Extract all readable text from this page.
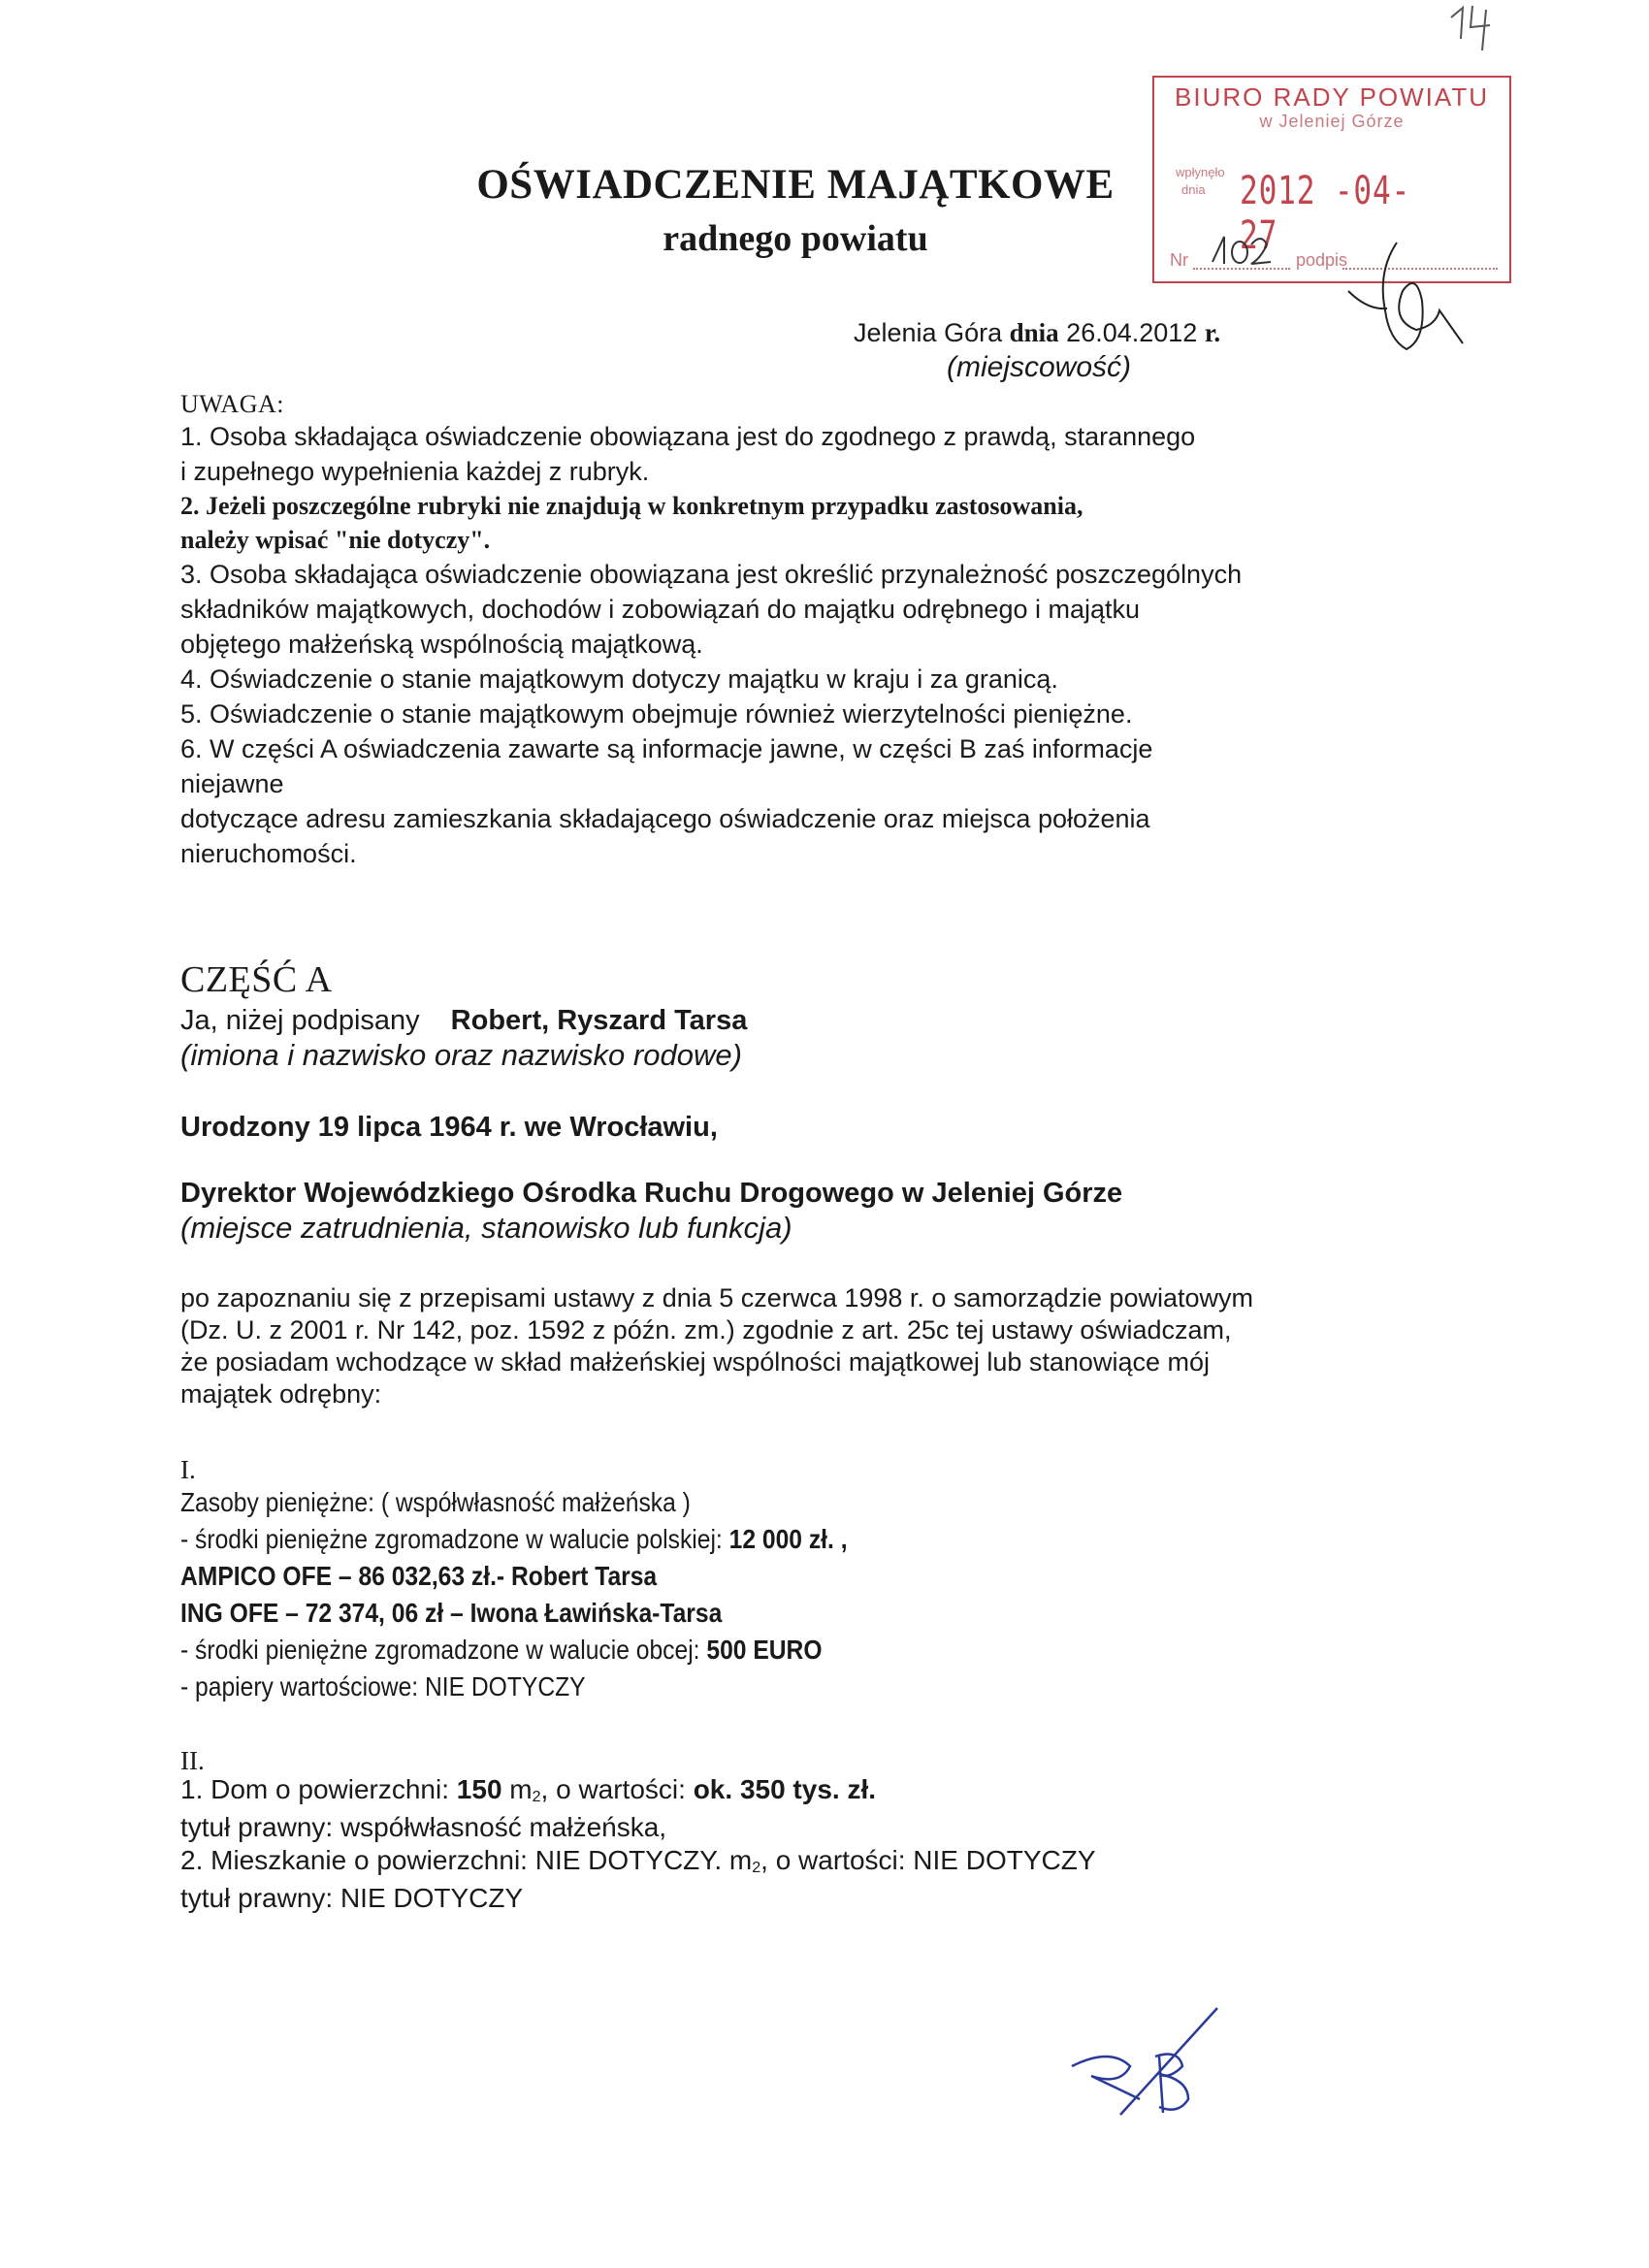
OŚWIADCZENIE MAJĄTKOWE
radnego powiatu
BIURO RADY POWIATU
w Jeleniej Górze
wpłynęło
dnia 2012 -04- 27
Nr	podpis
Jelenia Góra dnia 26.04.2012 r.
(miejscowość)
UWAGA:

1. Osoba składająca oświadczenie obowiązana jest do zgodnego z prawdą, starannego

i zupełnego wypełnienia każdej z rubryk.

2. Jeżeli poszczególne rubryki nie znajdują w konkretnym przypadku zastosowania,

należy wpisać "nie dotyczy".

3. Osoba składająca oświadczenie obowiązana jest określić przynależność poszczególnych

składników majątkowych, dochodów i zobowiązań do majątku odrębnego i majątku

objętego małżeńską wspólnością majątkową.

4. Oświadczenie o stanie majątkowym dotyczy majątku w kraju i za granicą.

5. Oświadczenie o stanie majątkowym obejmuje również wierzytelności pieniężne.

6. W części A oświadczenia zawarte są informacje jawne, w części B zaś informacje

niejawne

dotyczące adresu zamieszkania składającego oświadczenie oraz miejsca położenia

nieruchomości.

CZĘŚĆ A
Ja, niżej podpisany Robert, Ryszard Tarsa
(imiona i nazwisko oraz nazwisko rodowe)
Urodzony 19 lipca 1964 r. we Wrocławiu,
Dyrektor Wojewódzkiego Ośrodka Ruchu Drogowego w Jeleniej Górze
(miejsce zatrudnienia, stanowisko lub funkcja)

po zapoznaniu się z przepisami ustawy z dnia 5 czerwca 1998 r. o samorządzie powiatowym

(Dz. U. z 2001 r. Nr 142, poz. 1592 z późn. zm.) zgodnie z art. 25c tej ustawy oświadczam,

że posiadam wchodzące w skład małżeńskiej wspólności majątkowej lub stanowiące mój

majątek odrębny:

I.
Zasoby pieniężne: ( współwłasność małżeńska )
- środki pieniężne zgromadzone w walucie polskiej: 12 000 zł. ,
AMPICO OFE – 86 032,63 zł.- Robert Tarsa
ING OFE – 72 374, 06 zł – Iwona Ławińska-Tarsa
- środki pieniężne zgromadzone w walucie obcej: 500 EURO
- papiery wartościowe: NIE DOTYCZY
II.
1. Dom o powierzchni: 150 $m_2$, o wartości: ok. 350 tys. zł.
tytuł prawny: współwłasność małżeńska,
2. Mieszkanie o powierzchni: NIE DOTYCZY. $m_2$, o wartości: NIE DOTYCZY
tytuł prawny: NIE DOTYCZY
